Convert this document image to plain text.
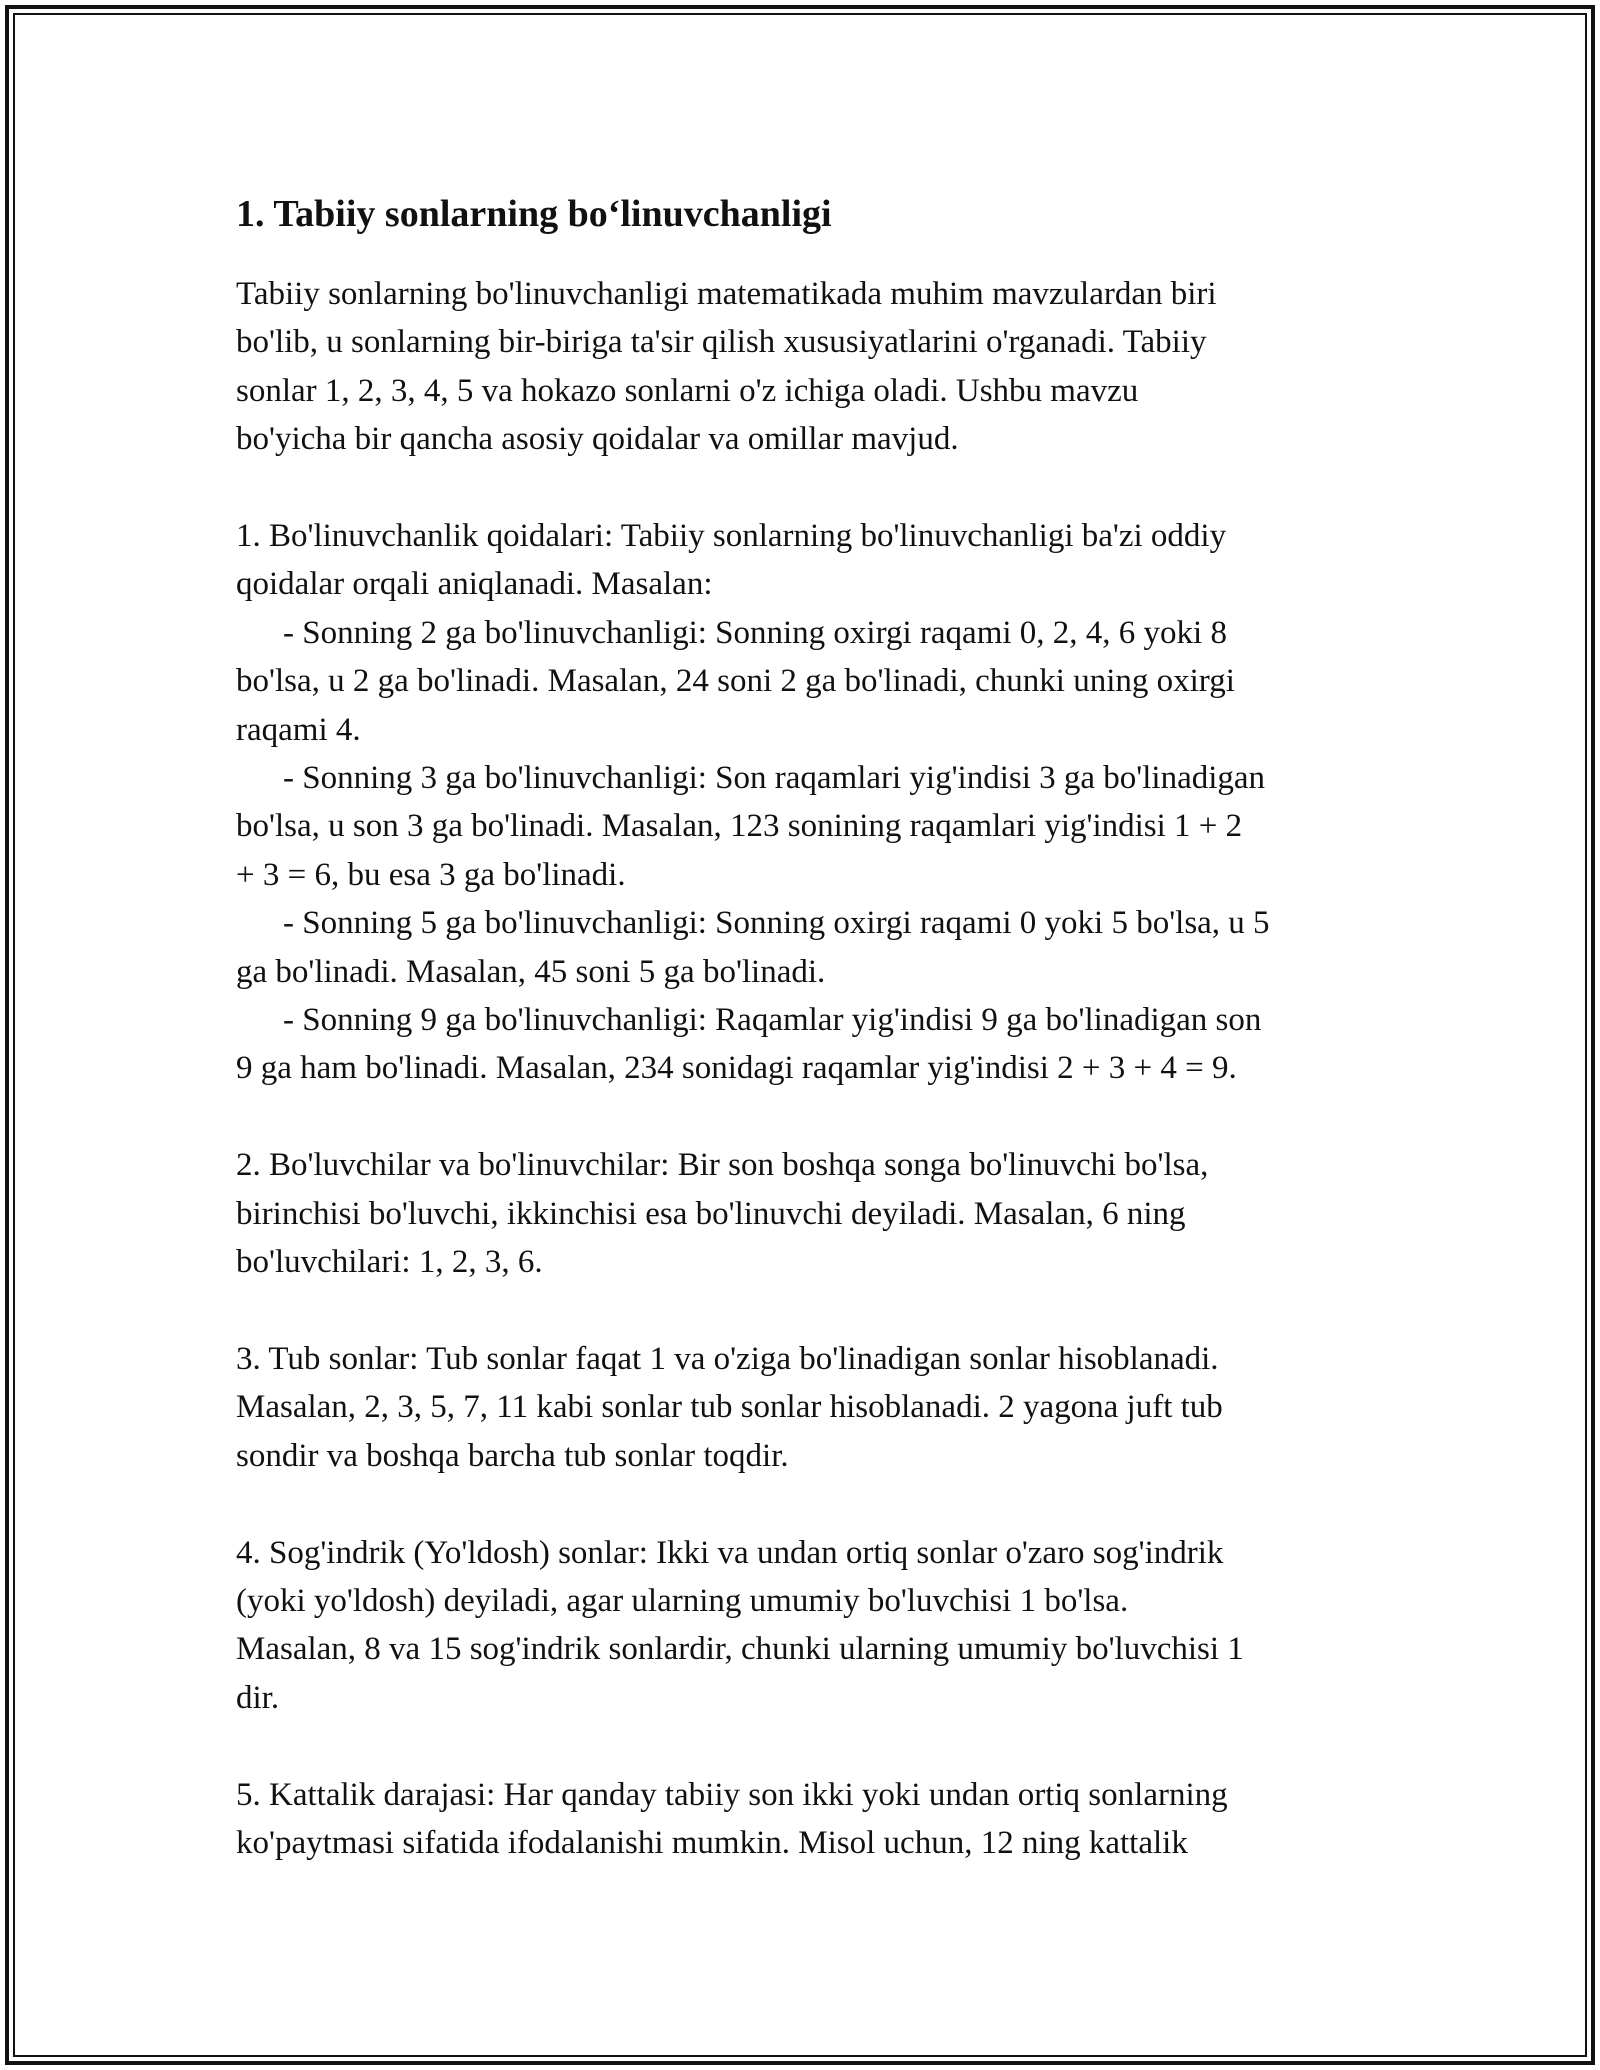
1. Tabiiy sonlarning bo‘linuvchanligi
Tabiiy sonlarning bo'linuvchanligi matematikada muhim mavzulardan biri
bo'lib, u sonlarning bir-biriga ta'sir qilish xususiyatlarini o'rganadi. Tabiiy
sonlar 1, 2, 3, 4, 5 va hokazo sonlarni o'z ichiga oladi. Ushbu mavzu
bo'yicha bir qancha asosiy qoidalar va omillar mavjud.
1. Bo'linuvchanlik qoidalari: Tabiiy sonlarning bo'linuvchanligi ba'zi oddiy
qoidalar orqali aniqlanadi. Masalan:
- Sonning 2 ga bo'linuvchanligi: Sonning oxirgi raqami 0, 2, 4, 6 yoki 8
bo'lsa, u 2 ga bo'linadi. Masalan, 24 soni 2 ga bo'linadi, chunki uning oxirgi
raqami 4.
- Sonning 3 ga bo'linuvchanligi: Son raqamlari yig'indisi 3 ga bo'linadigan
bo'lsa, u son 3 ga bo'linadi. Masalan, 123 sonining raqamlari yig'indisi 1 + 2
+ 3 = 6, bu esa 3 ga bo'linadi.
- Sonning 5 ga bo'linuvchanligi: Sonning oxirgi raqami 0 yoki 5 bo'lsa, u 5
ga bo'linadi. Masalan, 45 soni 5 ga bo'linadi.
- Sonning 9 ga bo'linuvchanligi: Raqamlar yig'indisi 9 ga bo'linadigan son
9 ga ham bo'linadi. Masalan, 234 sonidagi raqamlar yig'indisi 2 + 3 + 4 = 9.
2. Bo'luvchilar va bo'linuvchilar: Bir son boshqa songa bo'linuvchi bo'lsa,
birinchisi bo'luvchi, ikkinchisi esa bo'linuvchi deyiladi. Masalan, 6 ning
bo'luvchilari: 1, 2, 3, 6.
3. Tub sonlar: Tub sonlar faqat 1 va o'ziga bo'linadigan sonlar hisoblanadi.
Masalan, 2, 3, 5, 7, 11 kabi sonlar tub sonlar hisoblanadi. 2 yagona juft tub
sondir va boshqa barcha tub sonlar toqdir.
4. Sog'indrik (Yo'ldosh) sonlar: Ikki va undan ortiq sonlar o'zaro sog'indrik
(yoki yo'ldosh) deyiladi, agar ularning umumiy bo'luvchisi 1 bo'lsa.
Masalan, 8 va 15 sog'indrik sonlardir, chunki ularning umumiy bo'luvchisi 1
dir.
5. Kattalik darajasi: Har qanday tabiiy son ikki yoki undan ortiq sonlarning
ko'paytmasi sifatida ifodalanishi mumkin. Misol uchun, 12 ning kattalik
